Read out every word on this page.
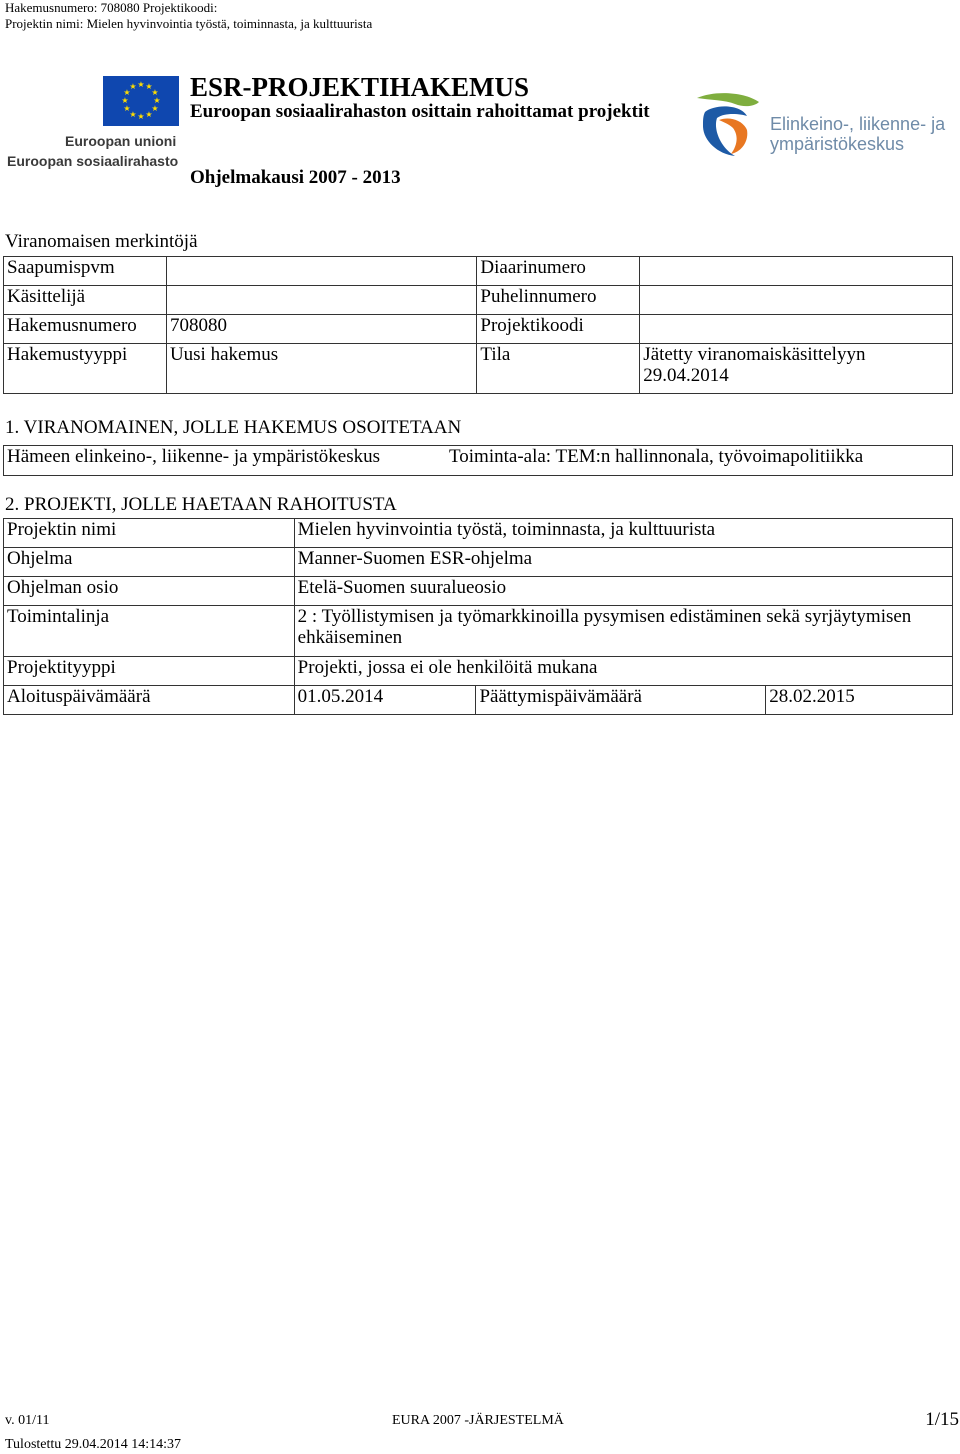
Hakemusnumero: 708080 Projektikoodi:
Projektin nimi: Mielen hyvinvointia työstä, toiminnasta, ja kulttuurista
★ ★
★
★
★
★
★
★
★
★
★
★
Euroopan unioni
Euroopan sosiaalirahasto
ESR-PROJEKTIHAKEMUS
Euroopan sosiaalirahaston osittain rahoittamat projektit
Ohjelmakausi 2007 - 2013
Elinkeino-, liikenne- ja
ympäristökeskus
Viranomaisen merkintöjä
Saapumispvm		Diaarinumero	
Käsittelijä		Puhelinnumero	
Hakemusnumero	708080	Projektikoodi	
Hakemustyyppi	Uusi hakemus	Tila	Jätetty viranomaiskäsittelyyn 29.04.2014
1. VIRANOMAINEN, JOLLE HAKEMUS OSOITETAAN
Hämeen elinkeino-, liikenne- ja ympäristökeskus	Toiminta-ala: TEM:n hallinnonala, työvoimapolitiikka
2. PROJEKTI, JOLLE HAETAAN RAHOITUSTA
Projektin nimi	Mielen hyvinvointia työstä, toiminnasta, ja kulttuurista		
Ohjelma	Manner-Suomen ESR-ohjelma		
Ohjelman osio	Etelä-Suomen suuralueosio		
Toimintalinja	2 : Työllistymisen ja työmarkkinoilla pysymisen edistäminen sekä syrjäytymisen ehkäiseminen		
Projektityyppi	Projekti, jossa ei ole henkilöitä mukana		
Aloituspäivämäärä	01.05.2014	Päättymispäivämäärä	28.02.2015
v. 01/11	EURA 2007 -JÄRJESTELMÄ	1/15
Tulostettu 29.04.2014 14:14:37
